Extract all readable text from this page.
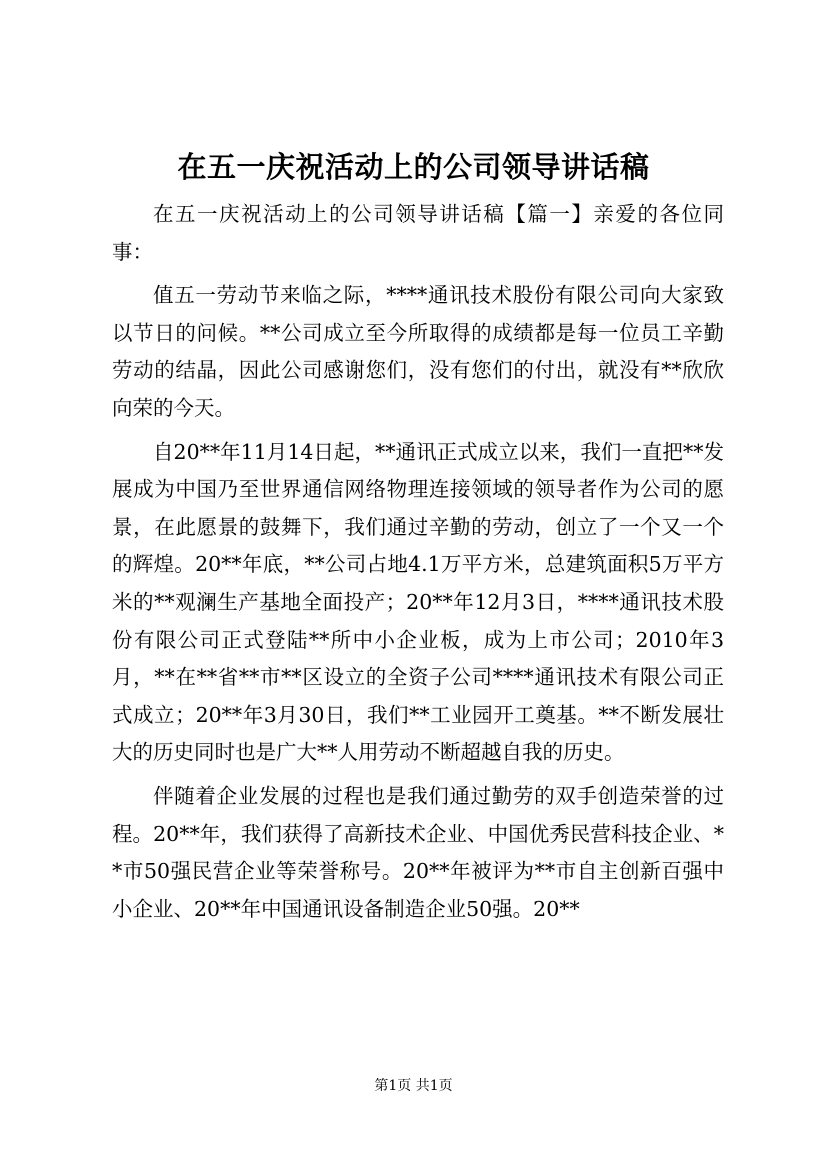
在五一庆祝活动上的公司领导讲话稿

在五一庆祝活动上的公司领导讲话稿【篇一】亲爱的各位同事：

值五一劳动节来临之际，****通讯技术股份有限公司向大家致以节日的问候。**公司成立至今所取得的成绩都是每一位员工辛勤劳动的结晶，因此公司感谢您们，没有您们的付出，就没有**欣欣向荣的今天。

自20**年11月14日起，**通讯正式成立以来，我们一直把**发展成为中国乃至世界通信网络物理连接领域的领导者作为公司的愿景，在此愿景的鼓舞下，我们通过辛勤的劳动，创立了一个又一个的辉煌。20**年底，**公司占地4.1万平方米，总建筑面积5万平方米的**观澜生产基地全面投产；20**年12月3日，****通讯技术股份有限公司正式登陆**所中小企业板，成为上市公司；2010年3月，**在**省**市**区设立的全资子公司****通讯技术有限公司正式成立；20**年3月30日，我们**工业园开工奠基。**不断发展壮大的历史同时也是广大**人用劳动不断超越自我的历史。

伴随着企业发展的过程也是我们通过勤劳的双手创造荣誉的过程。20**年，我们获得了高新技术企业、中国优秀民营科技企业、**市50强民营企业等荣誉称号。20**年被评为**市自主创新百强中小企业、20**年中国通讯设备制造企业50强。20**

第1页 共1页
